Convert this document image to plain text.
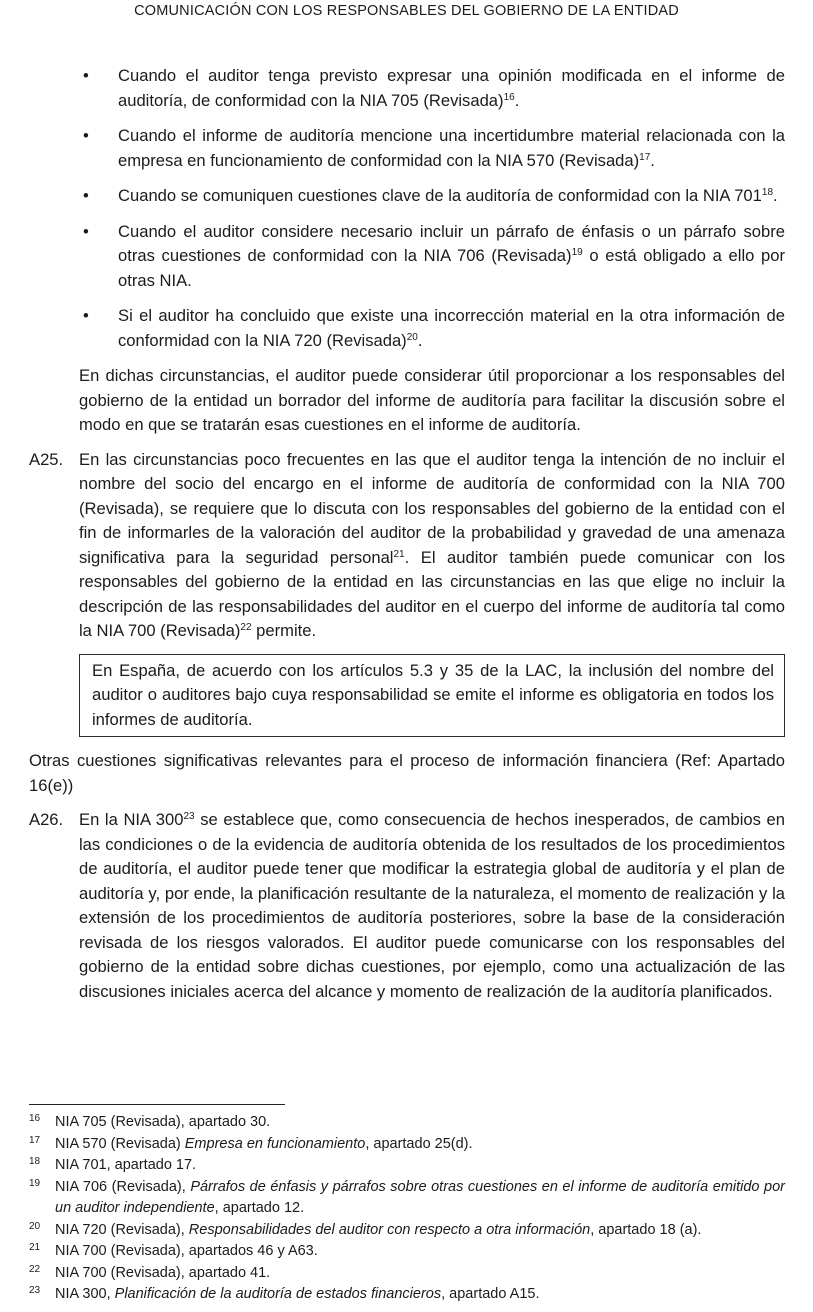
COMUNICACIÓN CON LOS RESPONSABLES DEL GOBIERNO DE LA ENTIDAD
• Cuando el auditor tenga previsto expresar una opinión modificada en el informe de auditoría, de conformidad con la NIA 705 (Revisada)$^{16}$.
• Cuando el informe de auditoría mencione una incertidumbre material relacionada con la empresa en funcionamiento de conformidad con la NIA 570 (Revisada)$^{17}$.
• Cuando se comuniquen cuestiones clave de la auditoría de conformidad con la NIA $701^{18}$.
• Cuando el auditor considere necesario incluir un párrafo de énfasis o un párrafo sobre otras cuestiones de conformidad con la NIA 706 (Revisada)$^{19}$ o está obligado a ello por otras NIA.
• Si el auditor ha concluido que existe una incorrección material en la otra información de conformidad con la NIA 720 (Revisada)$^{20}$.
En dichas circunstancias, el auditor puede considerar útil proporcionar a los responsables del gobierno de la entidad un borrador del informe de auditoría para facilitar la discusión sobre el modo en que se tratarán esas cuestiones en el informe de auditoría.
A25. En las circunstancias poco frecuentes en las que el auditor tenga la intención de no incluir el nombre del socio del encargo en el informe de auditoría de conformidad con la NIA 700 (Revisada), se requiere que lo discuta con los responsables del gobierno de la entidad con el fin de informarles de la valoración del auditor de la probabilidad y gravedad de una amenaza significativa para la seguridad personal$^{21}$. El auditor también puede comunicar con los responsables del gobierno de la entidad en las circunstancias en las que elige no incluir la descripción de las responsabilidades del auditor en el cuerpo del informe de auditoría tal como la NIA 700 (Revisada)$^{22}$ permite.
En España, de acuerdo con los artículos 5.3 y 35 de la LAC, la inclusión del nombre del auditor o auditores bajo cuya responsabilidad se emite el informe es obligatoria en todos los informes de auditoría.
Otras cuestiones significativas relevantes para el proceso de información financiera (Ref: Apartado 16(e))
A26. En la NIA $300^{23}$ se establece que, como consecuencia de hechos inesperados, de cambios en las condiciones o de la evidencia de auditoría obtenida de los resultados de los procedimientos de auditoría, el auditor puede tener que modificar la estrategia global de auditoría y el plan de auditoría y, por ende, la planificación resultante de la naturaleza, el momento de realización y la extensión de los procedimientos de auditoría posteriores, sobre la base de la consideración revisada de los riesgos valorados. El auditor puede comunicarse con los responsables del gobierno de la entidad sobre dichas cuestiones, por ejemplo, como una actualización de las discusiones iniciales acerca del alcance y momento de realización de la auditoría planificados.
16 NIA 705 (Revisada), apartado 30.
17 NIA 570 (Revisada) Empresa en funcionamiento, apartado 25(d).
18 NIA 701, apartado 17.
19 NIA 706 (Revisada), Párrafos de énfasis y párrafos sobre otras cuestiones en el informe de auditoría emitido por un auditor independiente, apartado 12.
20 NIA 720 (Revisada), Responsabilidades del auditor con respecto a otra información, apartado 18 (a).
21 NIA 700 (Revisada), apartados 46 y A63.
22 NIA 700 (Revisada), apartado 41.
23 NIA 300, Planificación de la auditoría de estados financieros, apartado A15.
